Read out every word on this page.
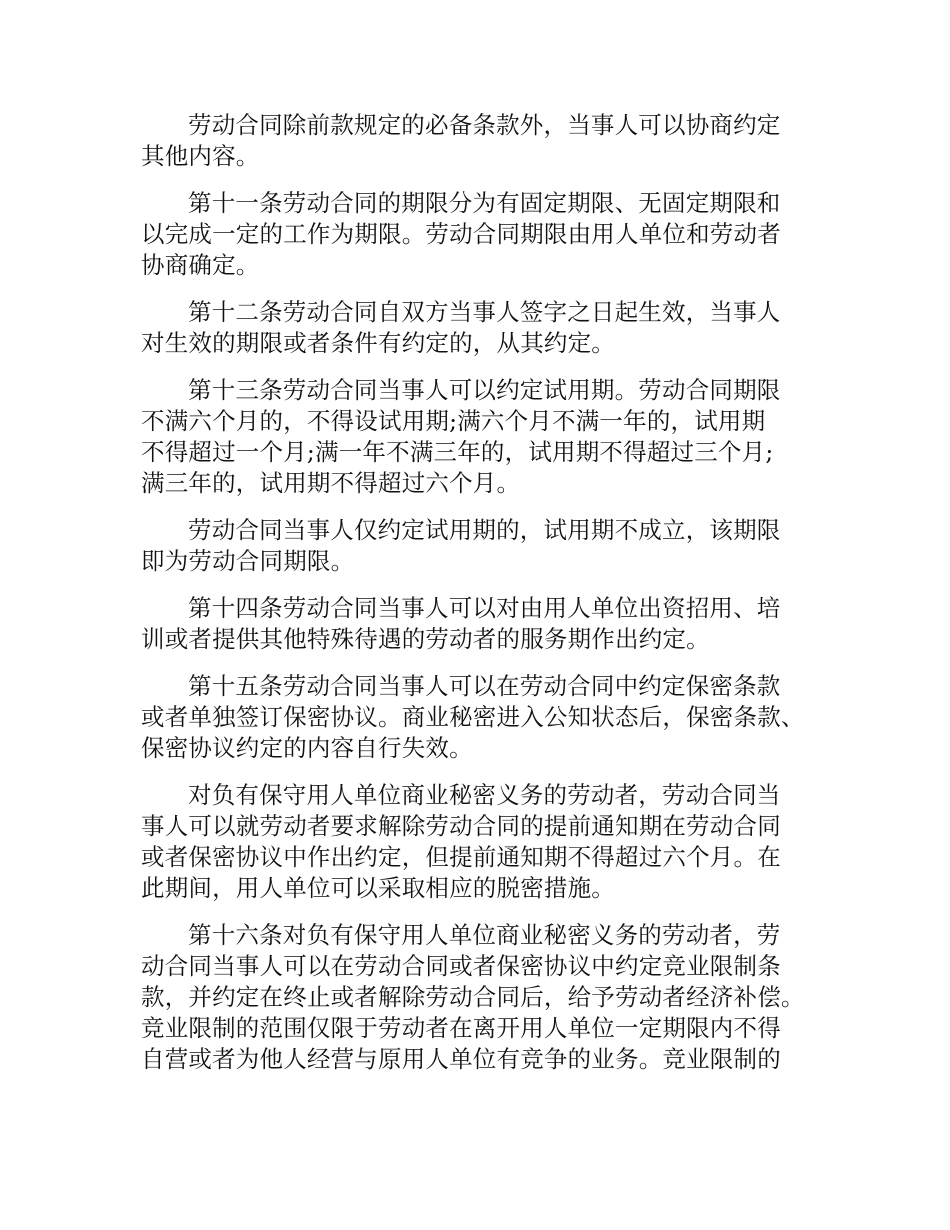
劳动合同除前款规定的必备条款外，当事人可以协商约定
其他内容。

第十一条劳动合同的期限分为有固定期限、无固定期限和
以完成一定的工作为期限。劳动合同期限由用人单位和劳动者
协商确定。

第十二条劳动合同自双方当事人签字之日起生效，当事人
对生效的期限或者条件有约定的，从其约定。

第十三条劳动合同当事人可以约定试用期。劳动合同期限
不满六个月的，不得设试用期;满六个月不满一年的，试用期
不得超过一个月;满一年不满三年的，试用期不得超过三个月;
满三年的，试用期不得超过六个月。

劳动合同当事人仅约定试用期的，试用期不成立，该期限
即为劳动合同期限。

第十四条劳动合同当事人可以对由用人单位出资招用、培
训或者提供其他特殊待遇的劳动者的服务期作出约定。

第十五条劳动合同当事人可以在劳动合同中约定保密条款
或者单独签订保密协议。商业秘密进入公知状态后，保密条款、
保密协议约定的内容自行失效。

对负有保守用人单位商业秘密义务的劳动者，劳动合同当
事人可以就劳动者要求解除劳动合同的提前通知期在劳动合同
或者保密协议中作出约定，但提前通知期不得超过六个月。在
此期间，用人单位可以采取相应的脱密措施。

第十六条对负有保守用人单位商业秘密义务的劳动者，劳
动合同当事人可以在劳动合同或者保密协议中约定竞业限制条
款，并约定在终止或者解除劳动合同后，给予劳动者经济补偿。
竞业限制的范围仅限于劳动者在离开用人单位一定期限内不得
自营或者为他人经营与原用人单位有竞争的业务。竞业限制的
